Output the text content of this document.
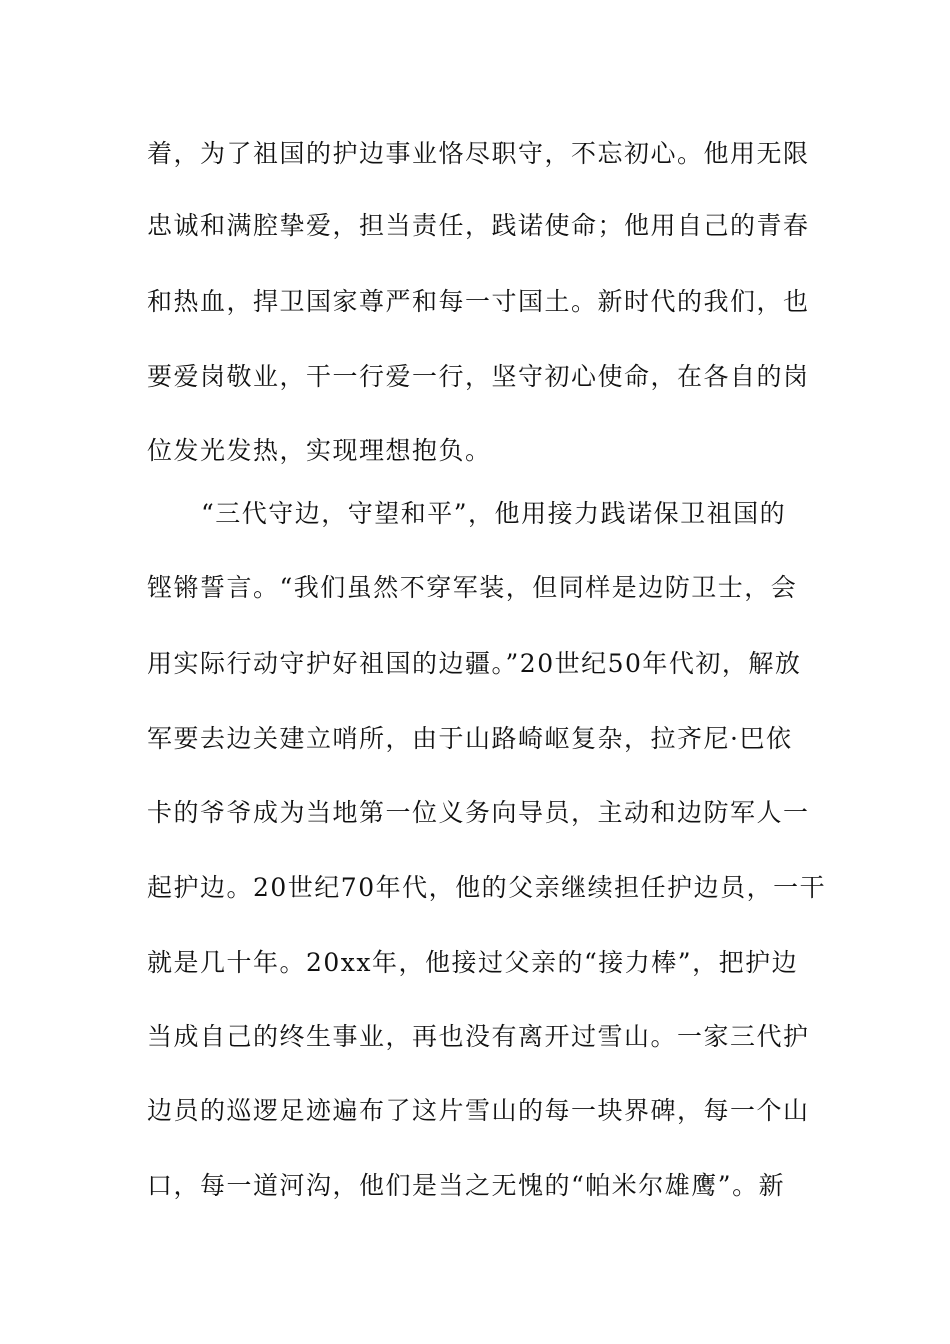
着，为了祖国的护边事业恪尽职守，不忘初心。他用无限
忠诚和满腔挚爱，担当责任，践诺使命；他用自己的青春
和热血，捍卫国家尊严和每一寸国土。新时代的我们，也
要爱岗敬业，干一行爱一行，坚守初心使命，在各自的岗
位发光发热，实现理想抱负。
“三代守边，守望和平”，他用接力践诺保卫祖国的
铿锵誓言。“我们虽然不穿军装，但同样是边防卫士，会
用实际行动守护好祖国的边疆。”20世纪50年代初，解放
军要去边关建立哨所，由于山路崎岖复杂，拉齐尼·巴依
卡的爷爷成为当地第一位义务向导员，主动和边防军人一
起护边。20世纪70年代，他的父亲继续担任护边员，一干
就是几十年。20xx年，他接过父亲的“接力棒”，把护边
当成自己的终生事业，再也没有离开过雪山。一家三代护
边员的巡逻足迹遍布了这片雪山的每一块界碑，每一个山
口，每一道河沟，他们是当之无愧的“帕米尔雄鹰”。新
